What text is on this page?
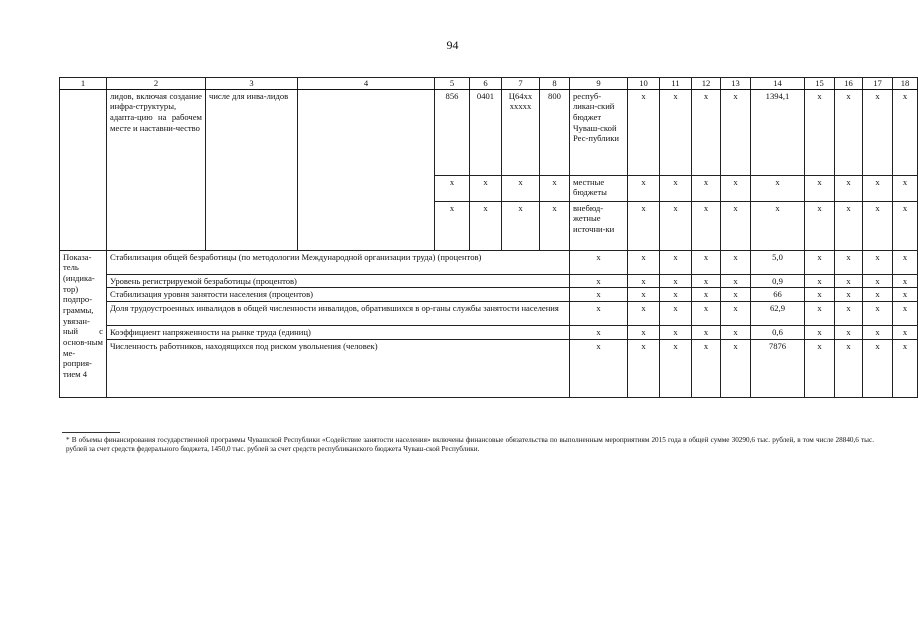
94
1	2	3	4	5	6	7	8	9	10	11	12	13	14	15	16	17	18
	лидов, включая создание инфра-структуры, адапта-цию на рабочем месте и наставни-чество	числе для инва-лидов		856	0401	Ц64хх хxxxx	800	респуб-ликан-ский бюджет Чуваш-ской Рес-публики	x	x	x	x	1394,1	x	x	x	x
				x	x	x	x	местные бюджеты	x	x	x	x	x	x	x	x	x
				x	x	x	x	внебюд-жетные источни-ки	x	x	x	x	x	x	x	x	x
Показа-тель (индика-тор) подпро-граммы, увязан-ный с основ-ным ме-роприя-тием 4	Стабилизация общей безработицы (по методологии Международной организации труда) (процентов)							x	x	x	x	x	5,0	x	x	x	x
	Уровень регистрируемой безработицы (процентов)							x	x	x	x	x	0,9	x	x	x	x
	Стабилизация уровня занятости населения (процентов)							x	x	x	x	x	66	x	x	x	x
	Доля трудоустроенных инвалидов в общей численности инвалидов, обратившихся в ор-ганы службы занятости населения							x	x	x	x	x	62,9	x	x	x	x
	Коэффициент напряженности на рынке труда (единиц)							x	x	x	x	x	0,6	x	x	x	x
	Численность работников, находящихся под риском увольнения (человек)							x	x	x	x	x	7876	x	x	x	x
* В объемы финансирования государственной программы Чувашской Республики «Содействие занятости населения» включены финансовые обязательства по выполненным мероприятиям 2015 года в общей сумме 30290,6 тыс. рублей, в том числе 28840,6 тыс. рублей за счет средств федерального бюджета, 1450,0 тыс. рублей за счет средств республиканского бюджета Чуваш-ской Республики.
